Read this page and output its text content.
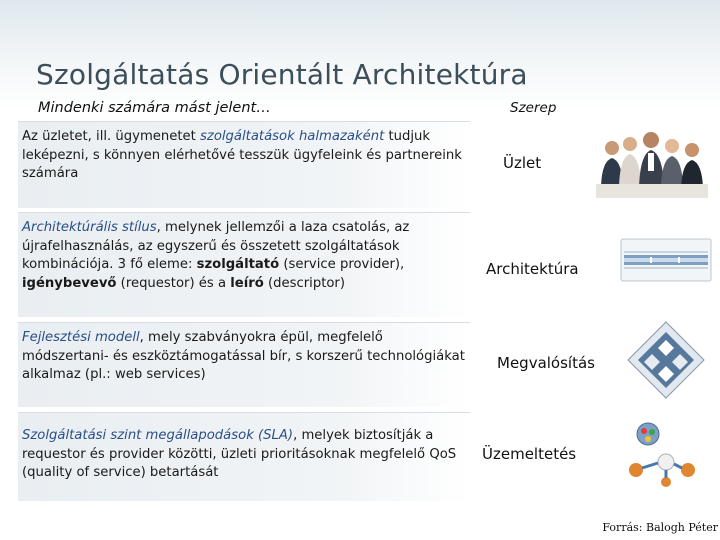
Szolgáltatás Orientált Architektúra
Mindenki számára mást jelent…	Szerep
Az üzletet, ill. ügymenetet szolgáltatások halmazaként tudjuk leképezni, s könnyen elérhetővé tesszük ügyfeleink és partnereink számára
Üzlet
Architektúrális stílus, melynek jellemzői a laza csatolás, az újrafelhasználás, az egyszerű és összetett szolgáltatások kombinációja. 3 fő eleme: szolgáltató (service provider), igénybevevő (requestor) és a leíró (descriptor)
Architektúra
Fejlesztési modell, mely szabványokra épül, megfelelő módszertani- és eszköztámogatással bír, s korszerű technológiákat alkalmaz (pl.: web services)
Megvalósítás
Szolgáltatási szint megállapodások (SLA), melyek biztosítják a requestor és provider közötti, üzleti prioritásoknak megfelelő QoS (quality of service) betartását
Üzemeltetés
Forrás: Balogh Péter
